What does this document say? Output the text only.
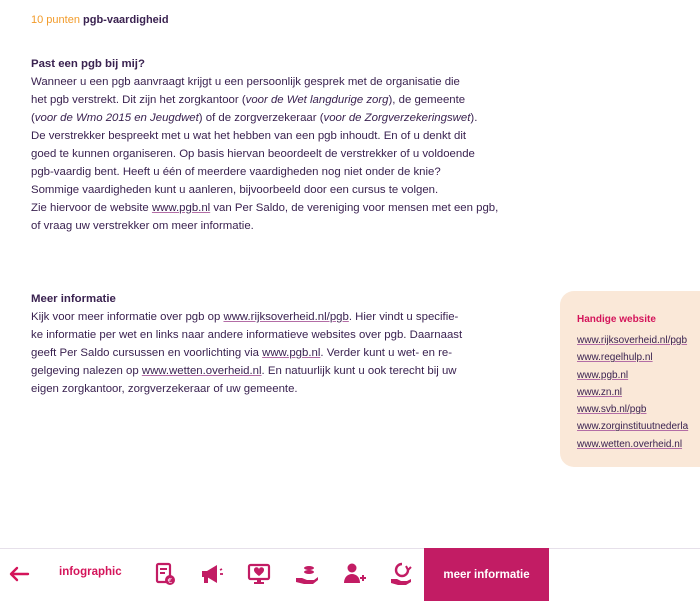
10 punten pgb-vaardigheid
Past een pgb bij mij?

Wanneer u een pgb aanvraagt krijgt u een persoonlijk gesprek met de organisatie die
het pgb verstrekt. Dit zijn het zorgkantoor (voor de Wet langdurige zorg), de gemeente
(voor de Wmo 2015 en Jeugdwet) of de zorgverzekeraar (voor de Zorgverzekeringswet).
De verstrekker bespreekt met u wat het hebben van een pgb inhoudt. En of u denkt dit
goed te kunnen organiseren. Op basis hiervan beoordeelt de verstrekker of u voldoende
pgb-vaardig bent. Heeft u één of meerdere vaardigheden nog niet onder de knie?
Sommige vaardigheden kunt u aanleren, bijvoorbeeld door een cursus te volgen.
Zie hiervoor de website www.pgb.nl van Per Saldo, de vereniging voor mensen met een pgb,
of vraag uw verstrekker om meer informatie.

Meer informatie

Kijk voor meer informatie over pgb op www.rijksoverheid.nl/pgb. Hier vindt u specifie-
ke informatie per wet en links naar andere informatieve websites over pgb. Daarnaast
geeft Per Saldo cursussen en voorlichting via www.pgb.nl. Verder kunt u wet- en re-
gelgeving nalezen op www.wetten.overheid.nl. En natuurlijk kunt u ook terecht bij uw
eigen zorgkantoor, zorgverzekeraar of uw gemeente.

Handige website
www.rijksoverheid.nl/pgb
www.regelhulp.nl
www.pgb.nl
www.zn.nl
www.svb.nl/pgb
www.zorginstituutnederla
www.wetten.overheid.nl
infographic
€
meer informatie
